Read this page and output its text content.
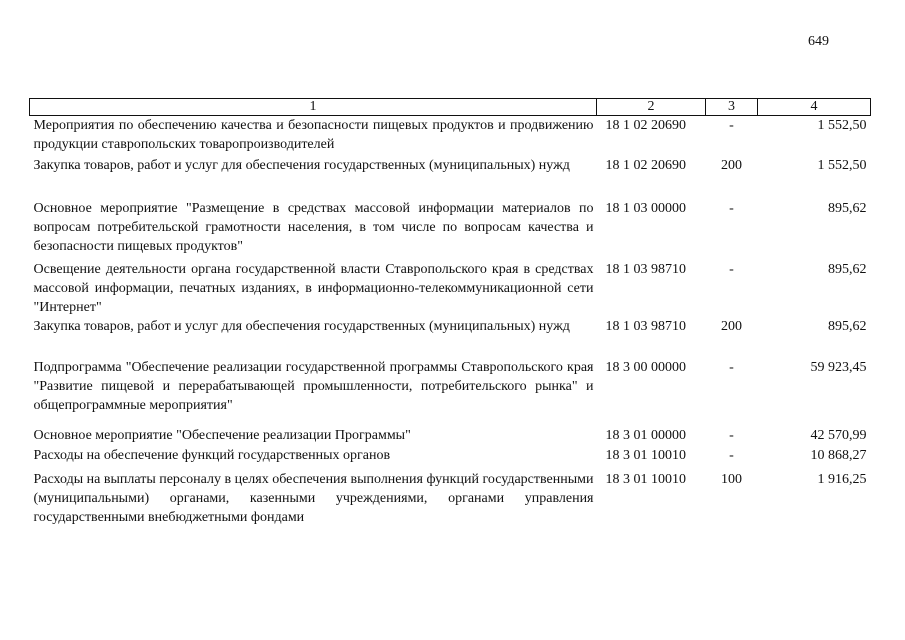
649
1	2	3	4
Мероприятия по обеспечению качества и безопасности пищевых продуктов и продвижению продукции ставропольских товаропроизводителей	18 1 02 20690	-	1 552,50
Закупка товаров, работ и услуг для обеспечения государственных (муниципальных) нужд	18 1 02 20690	200	1 552,50
Основное мероприятие "Размещение в средствах массовой информации материалов по вопросам потребительской грамотности населения, в том числе по вопросам качества и безопасности пищевых продуктов"	18 1 03 00000	-	895,62
Освещение деятельности органа государственной власти Ставропольского края в средствах массовой информации, печатных изданиях, в информационно-телекоммуникационной сети "Интернет"	18 1 03 98710	-	895,62
Закупка товаров, работ и услуг для обеспечения государственных (муниципальных) нужд	18 1 03 98710	200	895,62
Подпрограмма "Обеспечение реализации государственной программы Ставропольского края "Развитие пищевой и перерабатывающей промышленности, потребительского рынка" и общепрограммные мероприятия"	18 3 00 00000	-	59 923,45
Основное мероприятие "Обеспечение реализации Программы"	18 3 01 00000	-	42 570,99
Расходы на обеспечение функций государственных органов	18 3 01 10010	-	10 868,27
Расходы на выплаты персоналу в целях обеспечения выполнения функций государственными (муниципальными) органами, казенными учреждениями, органами управления государственными внебюджетными фондами	18 3 01 10010	100	1 916,25
